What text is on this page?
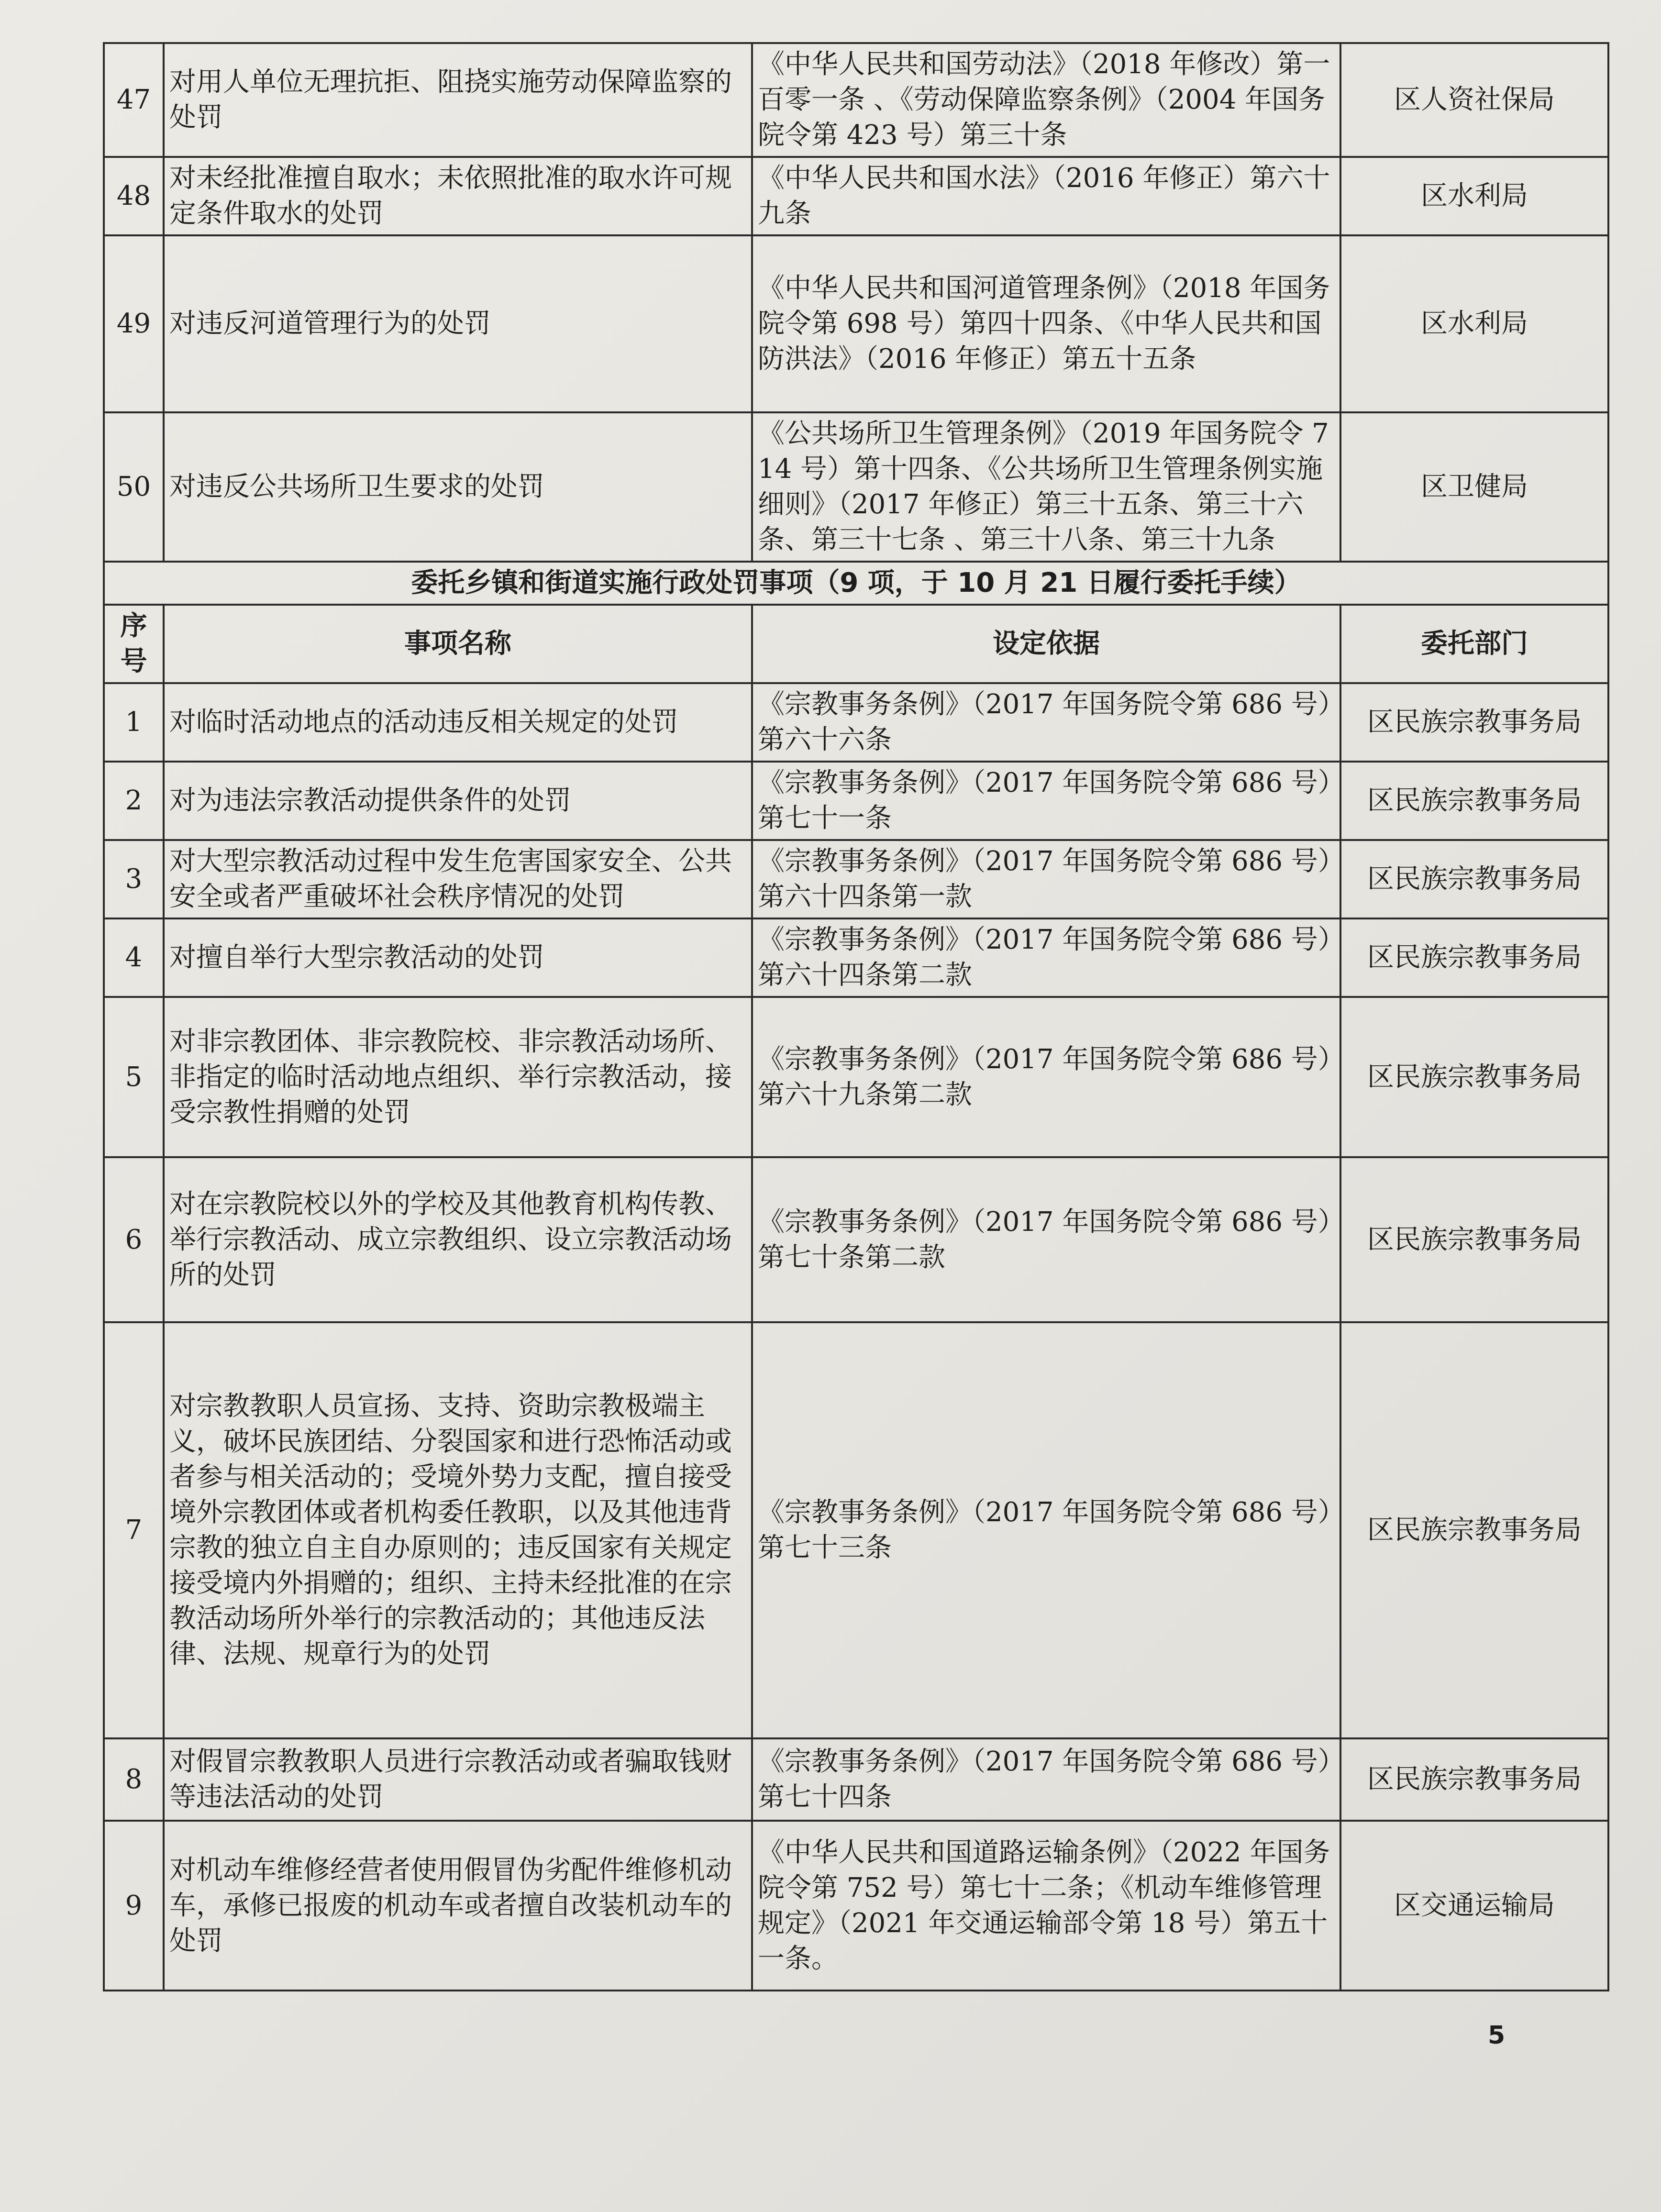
47	对用人单位无理抗拒、阻挠实施劳动保障监察的处罚	《中华人民共和国劳动法》（2018 年修改）第一百零一条 、《劳动保障监察条例》（2004 年国务院令第 423 号）第三十条	区人资社保局
48	对未经批准擅自取水；未依照批准的取水许可规定条件取水的处罚	《中华人民共和国水法》（2016 年修正）第六十九条	区水利局
49	对违反河道管理行为的处罚	《中华人民共和国河道管理条例》（2018 年国务院令第 698 号）第四十四条、《中华人民共和国防洪法》（2016 年修正）第五十五条	区水利局
50	对违反公共场所卫生要求的处罚	《公共场所卫生管理条例》（2019 年国务院令 714 号）第十四条、《公共场所卫生管理条例实施细则》（2017 年修正）第三十五条、第三十六条、第三十七条 、第三十八条、第三十九条	区卫健局
委托乡镇和街道实施行政处罚事项（9 项，于 10 月 21 日履行委托手续）			
序号	事项名称	设定依据	委托部门
1	对临时活动地点的活动违反相关规定的处罚	《宗教事务条例》（2017 年国务院令第 686 号）第六十六条	区民族宗教事务局
2	对为违法宗教活动提供条件的处罚	《宗教事务条例》（2017 年国务院令第 686 号）第七十一条	区民族宗教事务局
3	对大型宗教活动过程中发生危害国家安全、公共安全或者严重破坏社会秩序情况的处罚	《宗教事务条例》（2017 年国务院令第 686 号）第六十四条第一款	区民族宗教事务局
4	对擅自举行大型宗教活动的处罚	《宗教事务条例》（2017 年国务院令第 686 号）第六十四条第二款	区民族宗教事务局
5	对非宗教团体、非宗教院校、非宗教活动场所、非指定的临时活动地点组织、举行宗教活动，接受宗教性捐赠的处罚	《宗教事务条例》（2017 年国务院令第 686 号）第六十九条第二款	区民族宗教事务局
6	对在宗教院校以外的学校及其他教育机构传教、举行宗教活动、成立宗教组织、设立宗教活动场所的处罚	《宗教事务条例》（2017 年国务院令第 686 号）第七十条第二款	区民族宗教事务局
7	对宗教教职人员宣扬、支持、资助宗教极端主义，破坏民族团结、分裂国家和进行恐怖活动或者参与相关活动的；受境外势力支配，擅自接受境外宗教团体或者机构委任教职，以及其他违背宗教的独立自主自办原则的；违反国家有关规定接受境内外捐赠的；组织、主持未经批准的在宗教活动场所外举行的宗教活动的；其他违反法律、法规、规章行为的处罚	《宗教事务条例》（2017 年国务院令第 686 号）第七十三条	区民族宗教事务局
8	对假冒宗教教职人员进行宗教活动或者骗取钱财等违法活动的处罚	《宗教事务条例》（2017 年国务院令第 686 号）第七十四条	区民族宗教事务局
9	对机动车维修经营者使用假冒伪劣配件维修机动车，承修已报废的机动车或者擅自改装机动车的处罚	《中华人民共和国道路运输条例》（2022 年国务院令第 752 号）第七十二条；《机动车维修管理规定》（2021 年交通运输部令第 18 号）第五十一条。	区交通运输局
5
